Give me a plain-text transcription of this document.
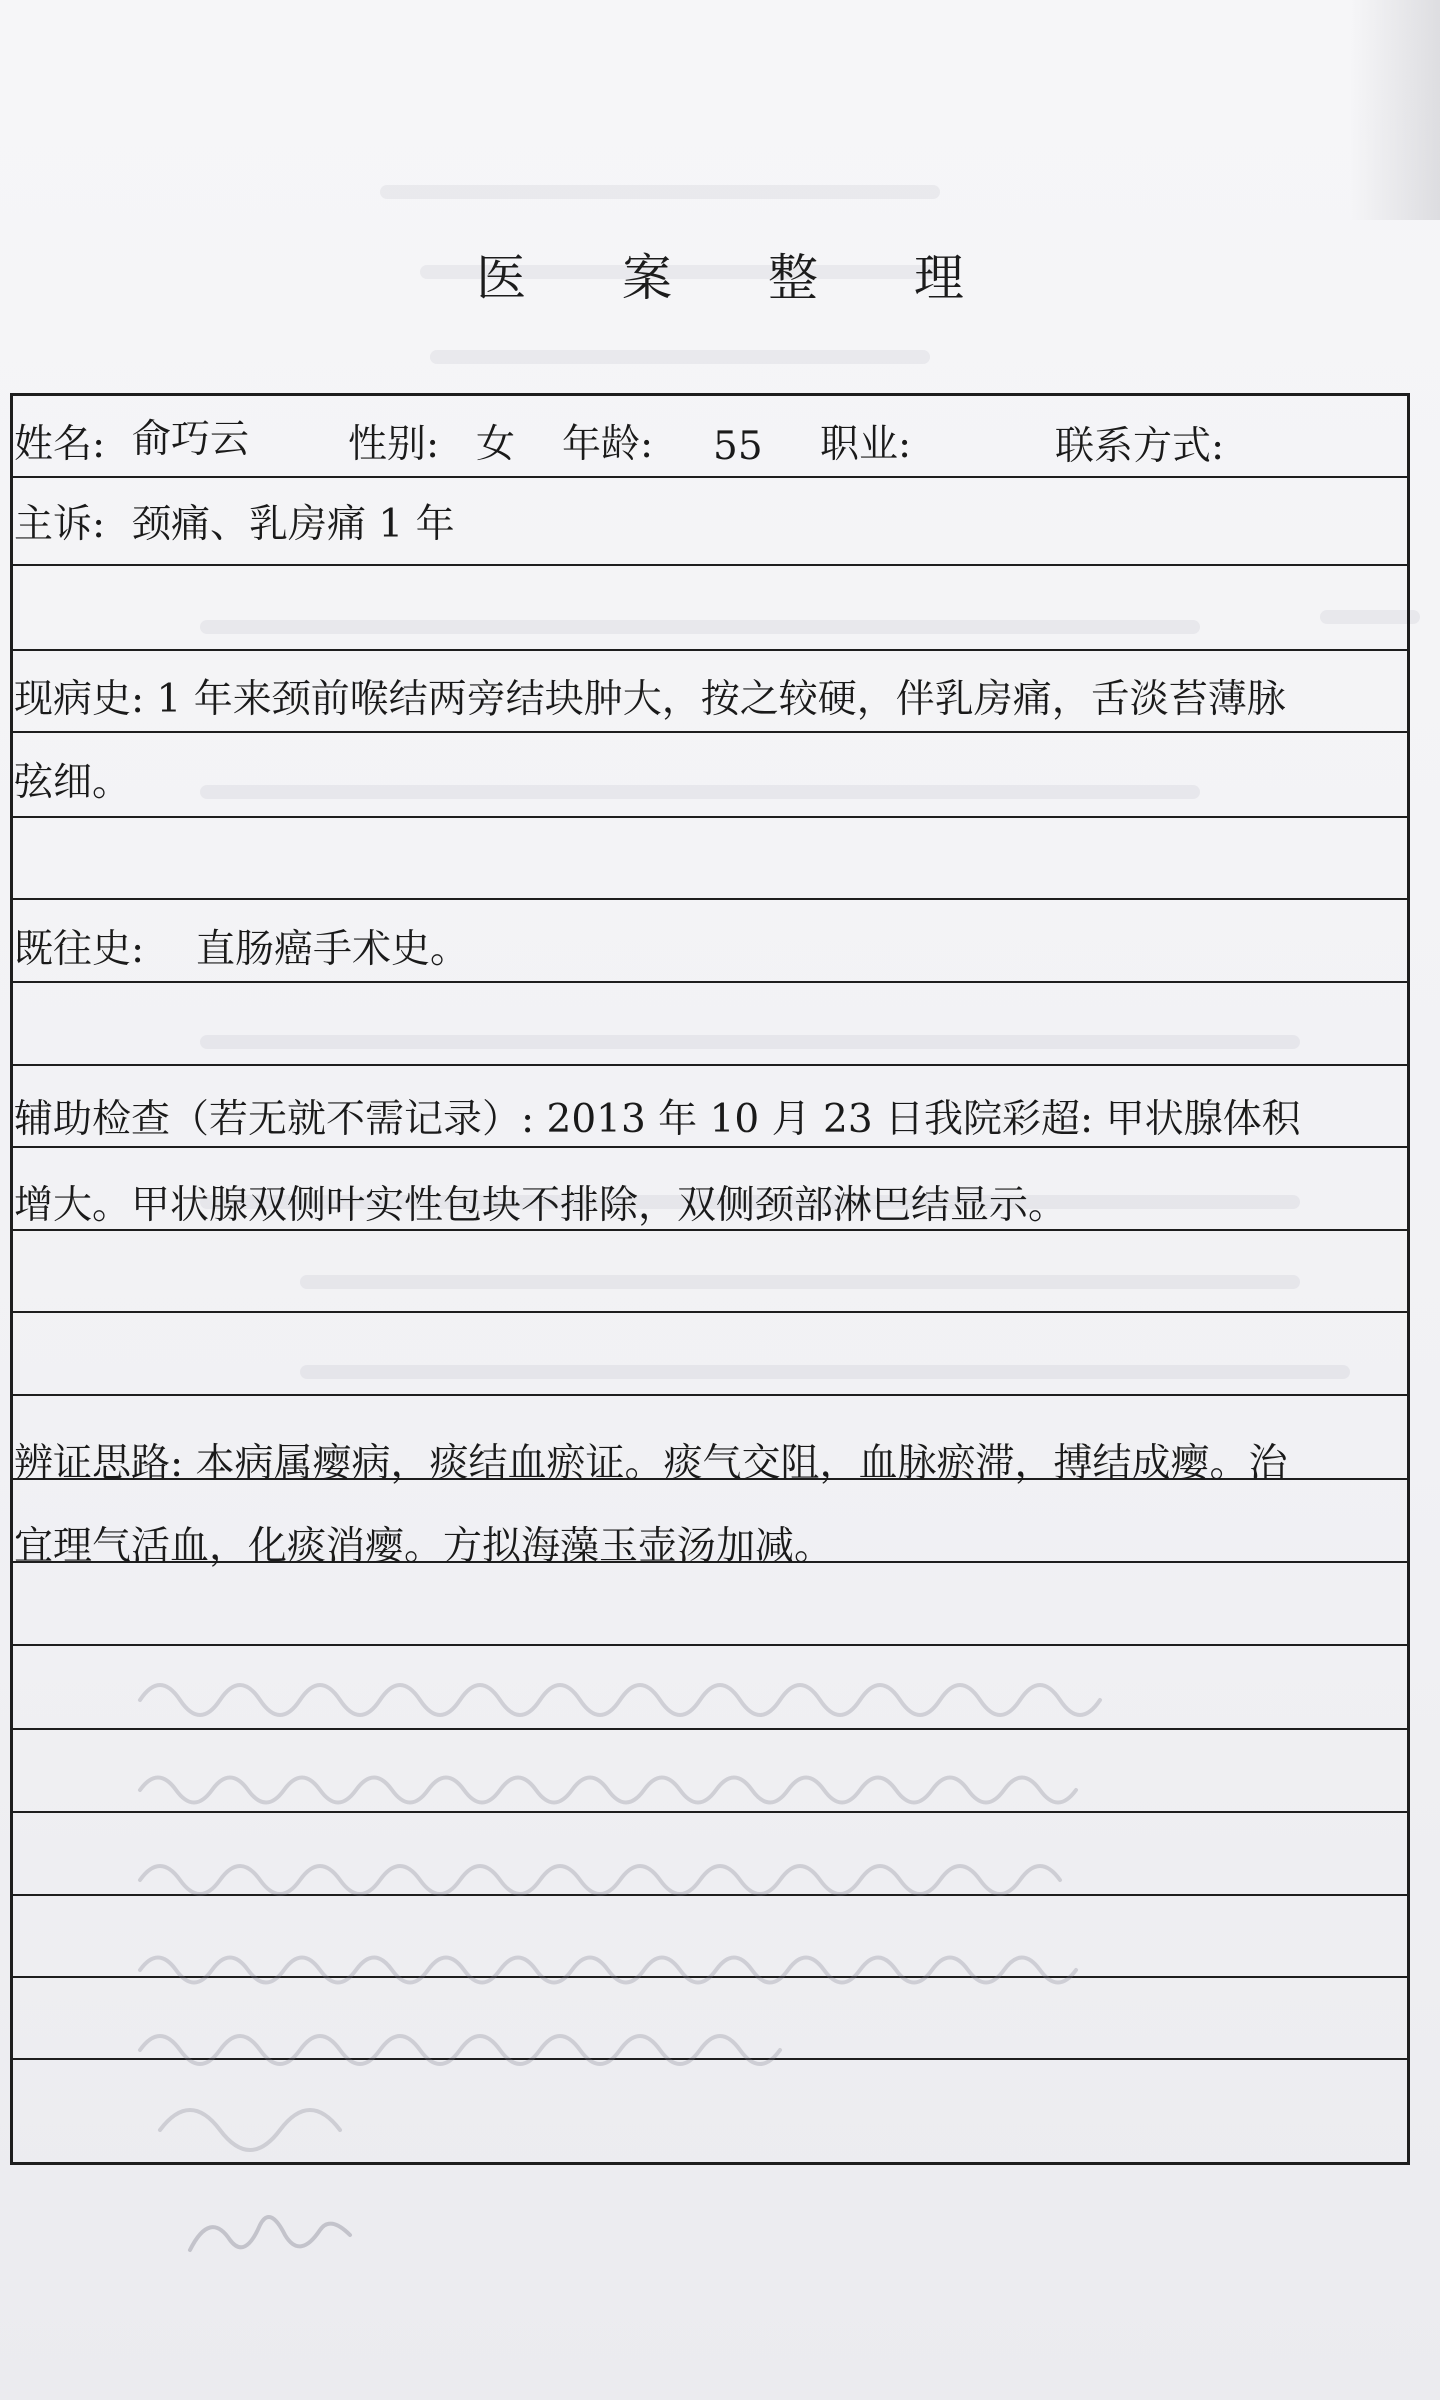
医 案 整 理
姓名: 俞巧云	性别: 女 年龄: 55 职业:	联系方式:
主诉: 颈痛、乳房痛 1 年
现病史: 1 年来颈前喉结两旁结块肿大，按之较硬，伴乳房痛，舌淡苔薄脉
弦细。
既往史: 直肠癌手术史。
辅助检查（若无就不需记录）: 2013 年 10 月 23 日我院彩超: 甲状腺体积
增大。甲状腺双侧叶实性包块不排除，双侧颈部淋巴结显示。
辨证思路: 本病属瘿病，痰结血瘀证。痰气交阻，血脉瘀滞，搏结成瘿。治
宜理气活血，化痰消瘿。方拟海藻玉壶汤加减。
